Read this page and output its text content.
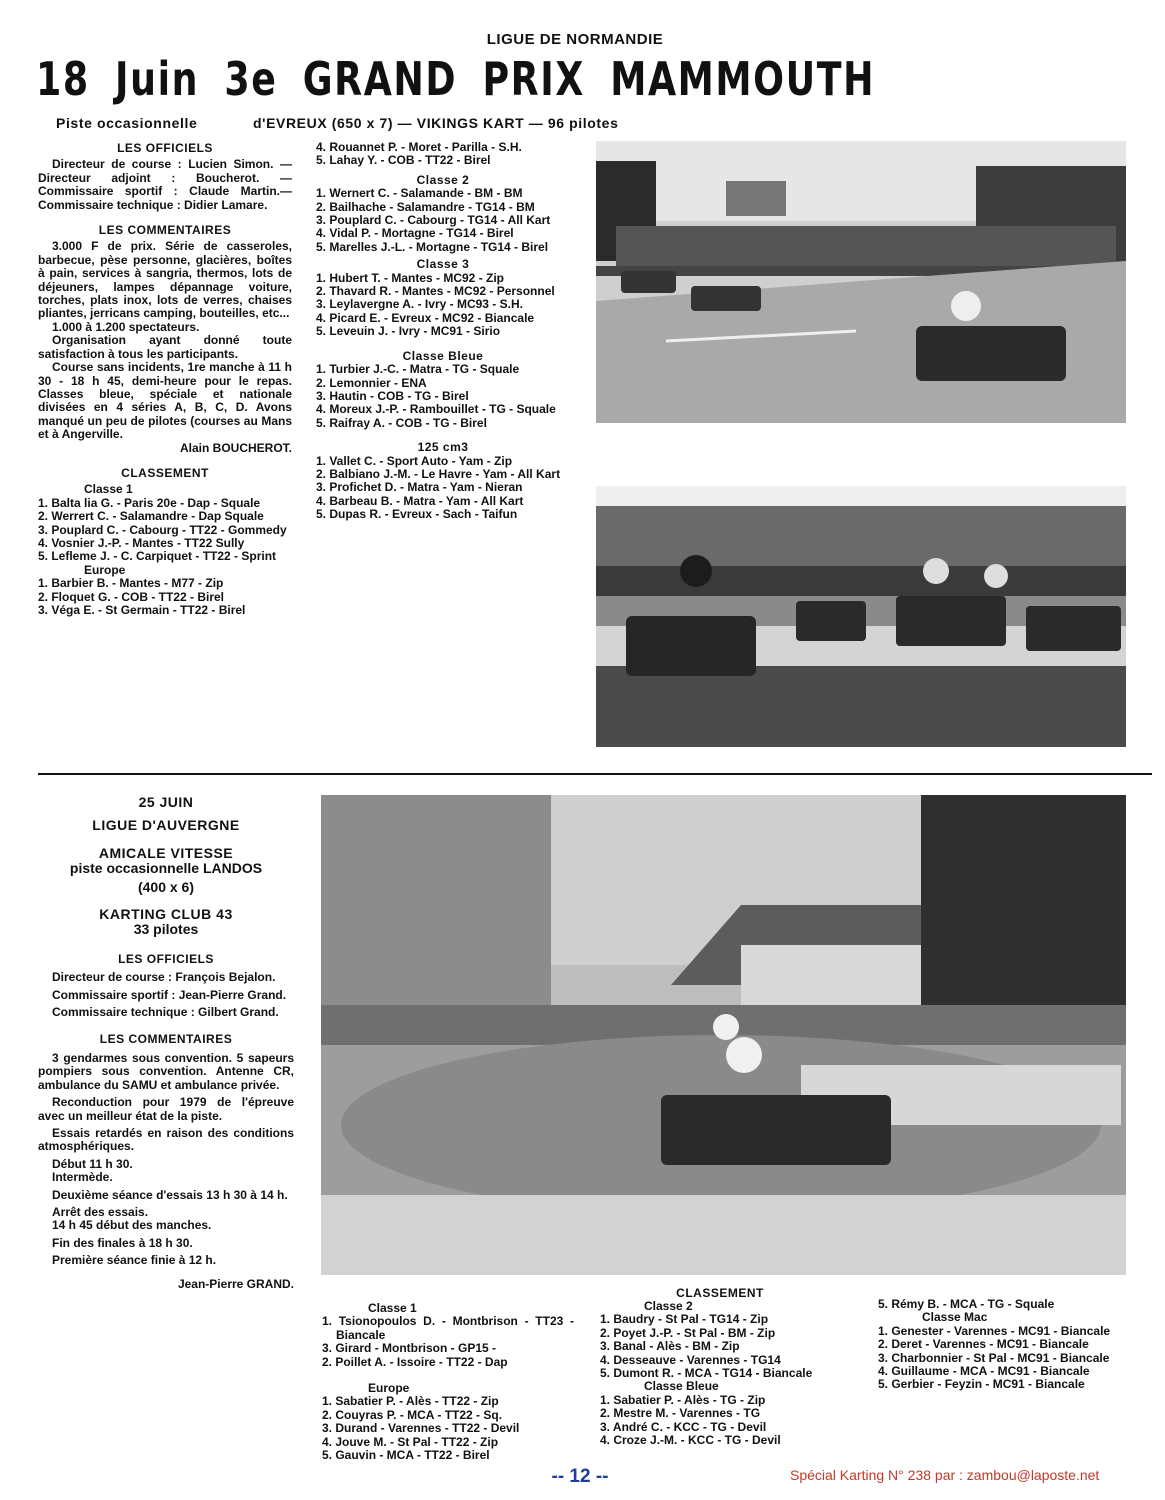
LIGUE DE NORMANDIE
18 Juin 3e GRAND PRIX MAMMOUTH
Piste occasionnelle	d'EVREUX (650 x 7) — VIKINGS KART — 96 pilotes
LES OFFICIELS
Directeur de course : Lucien Simon. — Directeur adjoint : Boucherot. — Commissaire sportif : Claude Martin.— Commissaire technique : Didier Lamare.
LES COMMENTAIRES
3.000 F de prix. Série de casseroles, barbecue, pèse personne, glacières, boîtes à pain, services à sangria, thermos, lots de déjeuners, lampes dépannage voiture, torches, plats inox, lots de verres, chaises pliantes, jerricans camping, bouteilles, etc...
1.000 à 1.200 spectateurs.
Organisation ayant donné toute satisfaction à tous les participants.
Course sans incidents, 1re manche à 11 h 30 - 18 h 45, demi-heure pour le repas. Classes bleue, spéciale et nationale divisées en 4 séries A, B, C, D. Avons manqué un peu de pilotes (courses au Mans et à Angerville.
Alain BOUCHEROT.
CLASSEMENT
Classe 1
1. Balta lia G. - Paris 20e - Dap - Squale
2. Werrert C. - Salamandre - Dap Squale
3. Pouplard C. - Cabourg - TT22 - Gommedy
4. Vosnier J.-P. - Mantes - TT22 Sully
5. Lefleme J. - C. Carpiquet - TT22 - Sprint
Europe
1. Barbier B. - Mantes - M77 - Zip
2. Floquet G. - COB - TT22 - Birel
3. Véga E. - St Germain - TT22 - Birel
4. Rouannet P. - Moret - Parilla - S.H.
5. Lahay Y. - COB - TT22 - Birel
Classe 2
1. Wernert C. - Salamande - BM - BM
2. Bailhache - Salamandre - TG14 - BM
3. Pouplard C. - Cabourg - TG14 - All Kart
4. Vidal P. - Mortagne - TG14 - Birel
5. Marelles J.-L. - Mortagne - TG14 - Birel
Classe 3
1. Hubert T. - Mantes - MC92 - Zip
2. Thavard R. - Mantes - MC92 - Personnel
3. Leylavergne A. - Ivry - MC93 - S.H.
4. Picard E. - Evreux - MC92 - Biancale
5. Leveuin J. - Ivry - MC91 - Sirio
Classe Bleue
1. Turbier J.-C. - Matra - TG - Squale
2. Lemonnier - ENA
3. Hautin - COB - TG - Birel
4. Moreux J.-P. - Rambouillet - TG - Squale
5. Raifray A. - COB - TG - Birel
125 cm3
1. Vallet C. - Sport Auto - Yam - Zip
2. Balbiano J.-M. - Le Havre - Yam - All Kart
3. Profichet D. - Matra - Yam - Nieran
4. Barbeau B. - Matra - Yam - All Kart
5. Dupas R. - Evreux - Sach - Taifun
25 JUIN
LIGUE D'AUVERGNE
AMICALE VITESSE
piste occasionnelle LANDOS
(400 x 6)
KARTING CLUB 43
33 pilotes
LES OFFICIELS
Directeur de course : François Bejalon.
Commissaire sportif : Jean-Pierre Grand.
Commissaire technique : Gilbert Grand.
LES COMMENTAIRES
3 gendarmes sous convention. 5 sapeurs pompiers sous convention. Antenne CR, ambulance du SAMU et ambulance privée.
Reconduction pour 1979 de l'épreuve avec un meilleur état de la piste.
Essais retardés en raison des conditions atmosphériques.
Début 11 h 30.
Intermède.
Deuxième séance d'essais 13 h 30 à 14 h.
Arrêt des essais.
14 h 45 début des manches.
Fin des finales à 18 h 30.
Première séance finie à 12 h.
Jean-Pierre GRAND.
CLASSEMENT
Classe 1
1. Tsionopoulos D. - Montbrison - TT23 - Biancale
3. Girard - Montbrison - GP15 -
2. Poillet A. - Issoire - TT22 - Dap
Europe
1. Sabatier P. - Alès - TT22 - Zip
2. Couyras P. - MCA - TT22 - Sq.
3. Durand - Varennes - TT22 - Devil
4. Jouve M. - St Pal - TT22 - Zip
5. Gauvin - MCA - TT22 - Birel
Classe 2
1. Baudry - St Pal - TG14 - Zip
2. Poyet J.-P. - St Pal - BM - Zip
3. Banal - Alès - BM - Zip
4. Desseauve - Varennes - TG14
5. Dumont R. - MCA - TG14 - Biancale
Classe Bleue
1. Sabatier P. - Alès - TG - Zip
2. Mestre M. - Varennes - TG
3. André C. - KCC - TG - Devil
4. Croze J.-M. - KCC - TG - Devil
5. Rémy B. - MCA - TG - Squale
Classe Mac
1. Genester - Varennes - MC91 - Biancale
2. Deret - Varennes - MC91 - Biancale
3. Charbonnier - St Pal - MC91 - Biancale
4. Guillaume - MCA - MC91 - Biancale
5. Gerbier - Feyzin - MC91 - Biancale
-- 12 --	Spécial Karting N° 238 par : zambou@laposte.net
